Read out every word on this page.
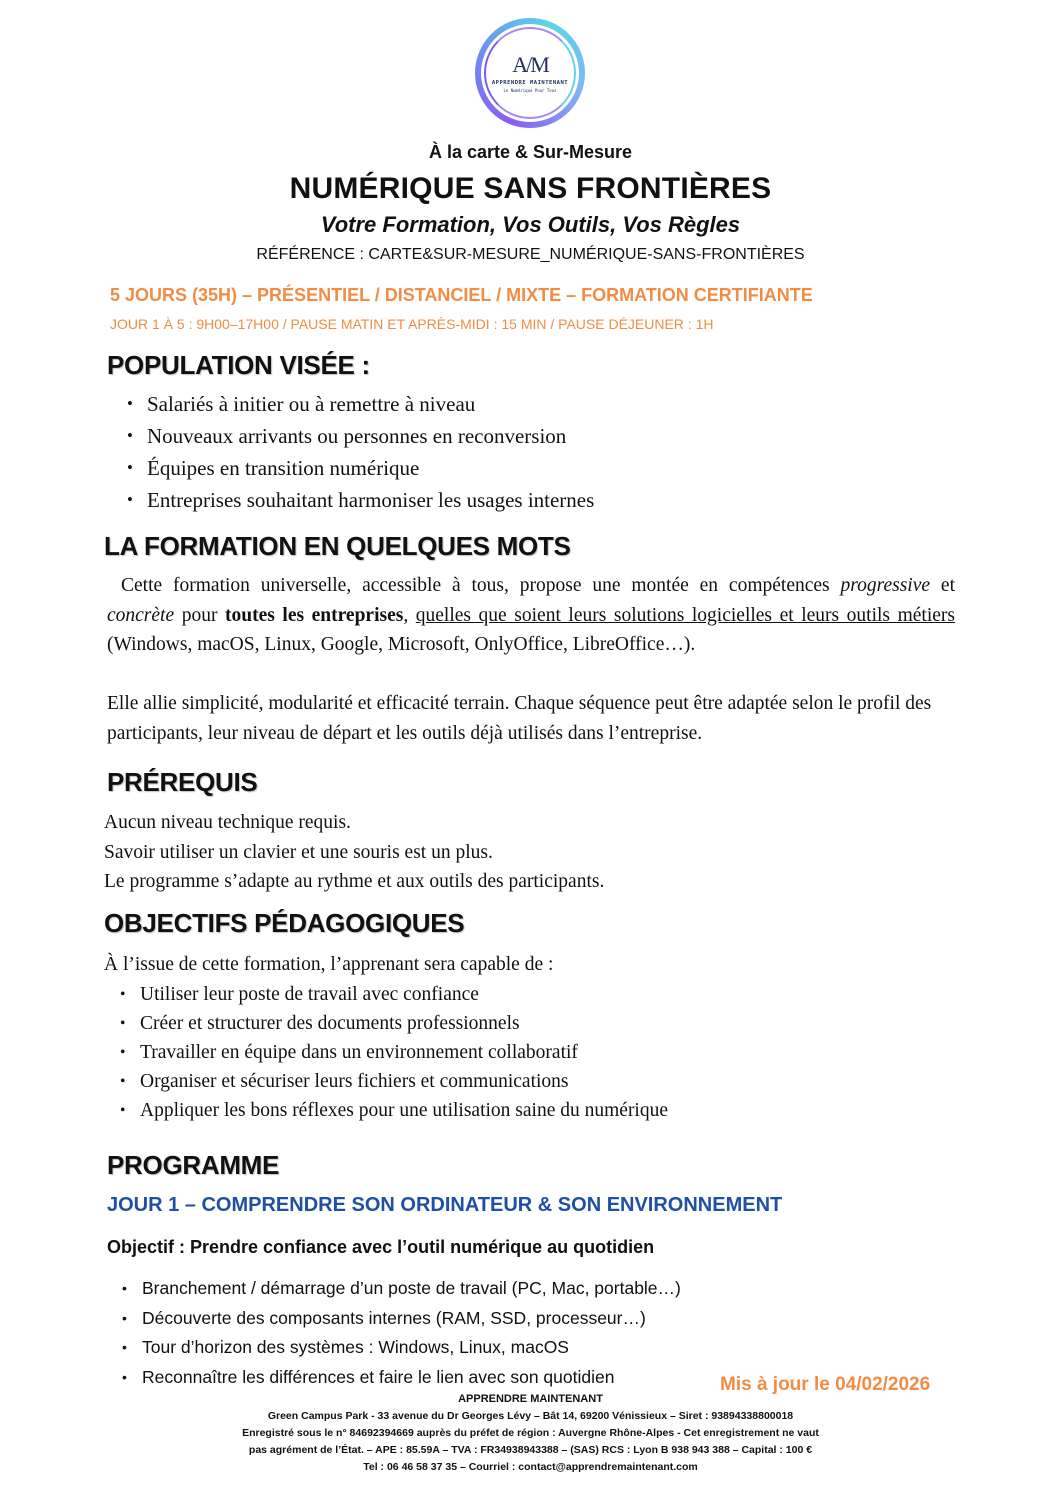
A/M
APPRENDRE MAINTENANT
Le Numérique Pour Tous
À la carte & Sur-Mesure
NUMÉRIQUE SANS FRONTIÈRES
Votre Formation, Vos Outils, Vos Règles
RÉFÉRENCE : CARTE&SUR-MESURE_NUMÉRIQUE-SANS-FRONTIÈRES
5 JOURS (35H) – PRÉSENTIEL / DISTANCIEL / MIXTE – FORMATION CERTIFIANTE
JOUR 1 À 5 : 9H00–17H00 / PAUSE MATIN ET APRÈS-MIDI : 15 MIN / PAUSE DÉJEUNER : 1H
POPULATION VISÉE :
• Salariés à initier ou à remettre à niveau
• Nouveaux arrivants ou personnes en reconversion
• Équipes en transition numérique
• Entreprises souhaitant harmoniser les usages internes
LA FORMATION EN QUELQUES MOTS
Cette formation universelle, accessible à tous, propose une montée en compétences progressive et concrète pour toutes les entreprises, quelles que soient leurs solutions logicielles et leurs outils métiers (Windows, macOS, Linux, Google, Microsoft, OnlyOffice, LibreOffice…).
Elle allie simplicité, modularité et efficacité terrain. Chaque séquence peut être adaptée selon le profil des participants, leur niveau de départ et les outils déjà utilisés dans l’entreprise.
PRÉREQUIS
Aucun niveau technique requis.
Savoir utiliser un clavier et une souris est un plus.
Le programme s’adapte au rythme et aux outils des participants.
OBJECTIFS PÉDAGOGIQUES
À l’issue de cette formation, l’apprenant sera capable de :
• Utiliser leur poste de travail avec confiance
• Créer et structurer des documents professionnels
• Travailler en équipe dans un environnement collaboratif
• Organiser et sécuriser leurs fichiers et communications
• Appliquer les bons réflexes pour une utilisation saine du numérique
PROGRAMME
JOUR 1 – COMPRENDRE SON ORDINATEUR & SON ENVIRONNEMENT
Objectif : Prendre confiance avec l’outil numérique au quotidien
• Branchement / démarrage d’un poste de travail (PC, Mac, portable…)
• Découverte des composants internes (RAM, SSD, processeur…)
• Tour d’horizon des systèmes : Windows, Linux, macOS
• Reconnaître les différences et faire le lien avec son quotidien	Mis à jour le 04/02/2026
APPRENDRE MAINTENANT
Green Campus Park - 33 avenue du Dr Georges Lévy – Bât 14, 69200 Vénissieux – Siret : 93894338800018
Enregistré sous le n° 84692394669 auprès du préfet de région : Auvergne Rhône-Alpes - Cet enregistrement ne vaut
pas agrément de l’État. – APE : 85.59A – TVA : FR34938943388 – (SAS) RCS : Lyon B 938 943 388 – Capital : 100 €
Tel : 06 46 58 37 35 – Courriel : contact@apprendremaintenant.com
